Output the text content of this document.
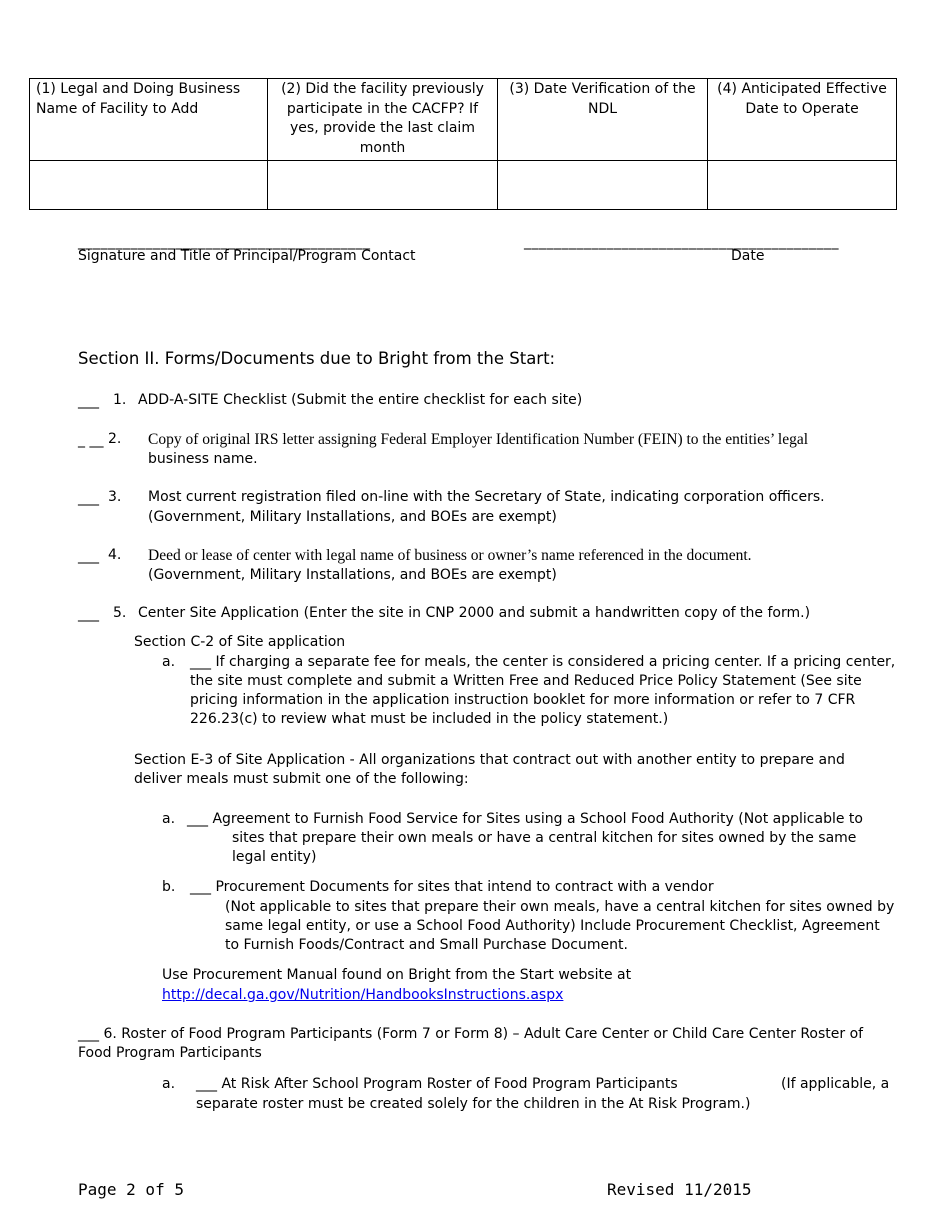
(1) Legal and Doing Business Name of Facility to Add	(2) Did the facility previously participate in the CACFP? If yes, provide the last claim month	(3) Date Verification of the NDL	(4) Anticipated Effective Date to Operate

_______________________________________	__________________________________________
Signature and Title of Principal/Program Contact	Date
Section II. Forms/Documents due to Bright from the Start:
___ 1. ADD-A-SITE Checklist (Submit the entire checklist for each site)
_ __ 2. Copy of original IRS letter assigning Federal Employer Identification Number (FEIN) to the entities’ legal
business name.
___ 3. Most current registration filed on-line with the Secretary of State, indicating corporation officers.
(Government, Military Installations, and BOEs are exempt)
___ 4. Deed or lease of center with legal name of business or owner’s name referenced in the document.
(Government, Military Installations, and BOEs are exempt)
___ 5. Center Site Application (Enter the site in CNP 2000 and submit a handwritten copy of the form.)
Section C-2 of Site application
a. ___ If charging a separate fee for meals, the center is considered a pricing center. If a pricing center, the site must complete and submit a Written Free and Reduced Price Policy Statement (See site pricing information in the application instruction booklet for more information or refer to 7 CFR 226.23(c) to review what must be included in the policy statement.)
Section E-3 of Site Application - All organizations that contract out with another entity to prepare and deliver meals must submit one of the following:
a. ___ Agreement to Furnish Food Service for Sites using a School Food Authority (Not applicable to
sites that prepare their own meals or have a central kitchen for sites owned by the same legal entity)
b. ___ Procurement Documents for sites that intend to contract with a vendor
(Not applicable to sites that prepare their own meals, have a central kitchen for sites owned by same legal entity, or use a School Food Authority) Include Procurement Checklist, Agreement to Furnish Foods/Contract and Small Purchase Document.
Use Procurement Manual found on Bright from the Start website at
http://decal.ga.gov/Nutrition/HandbooksInstructions.aspx
___ 6. Roster of Food Program Participants (Form 7 or Form 8) – Adult Care Center or Child Care Center Roster of Food Program Participants
a. ___ At Risk After School Program Roster of Food Program Participants	(If applicable, a
separate roster must be created solely for the children in the At Risk Program.)
Page 2 of 5	Revised 11/2015
